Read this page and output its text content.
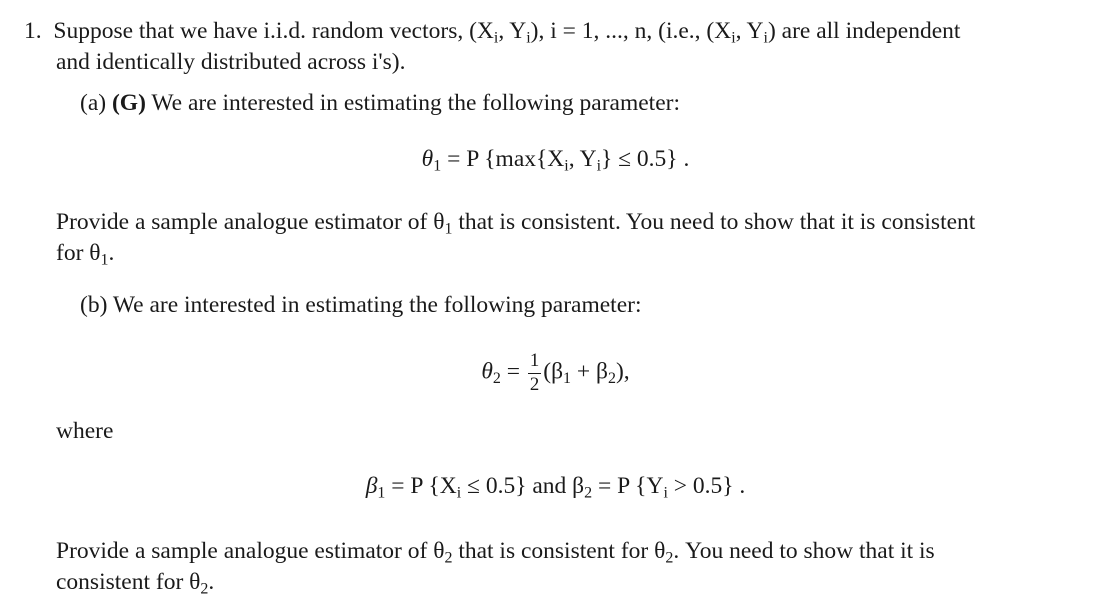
1. Suppose that we have i.i.d. random vectors, ($X_i$, $Y_i$), i = 1, ..., n, (i.e., ($X_i$, $Y_i$) are all independent
and identically distributed across i's).
(a) (G) We are interested in estimating the following parameter:
$\theta_1 = P$ {$\max\{X_i$, $Y_i\} \le 0.5$} .
Provide a sample analogue estimator of $\theta_1$ that is consistent. You need to show that it is consistent
for $\theta_1$.
(b) We are interested in estimating the following parameter:
$\theta_2 = \frac{1}{2} (\beta_1 + \beta_2)$,
where
$\beta_1 = P$ $\{X_i \le 0.5\}$ and $\beta_2 = P$ $\{Y_i > 0.5\}$ .
Provide a sample analogue estimator of $\theta_2$ that is consistent for $\theta_2$. You need to show that it is
consistent for $\theta_2$.
